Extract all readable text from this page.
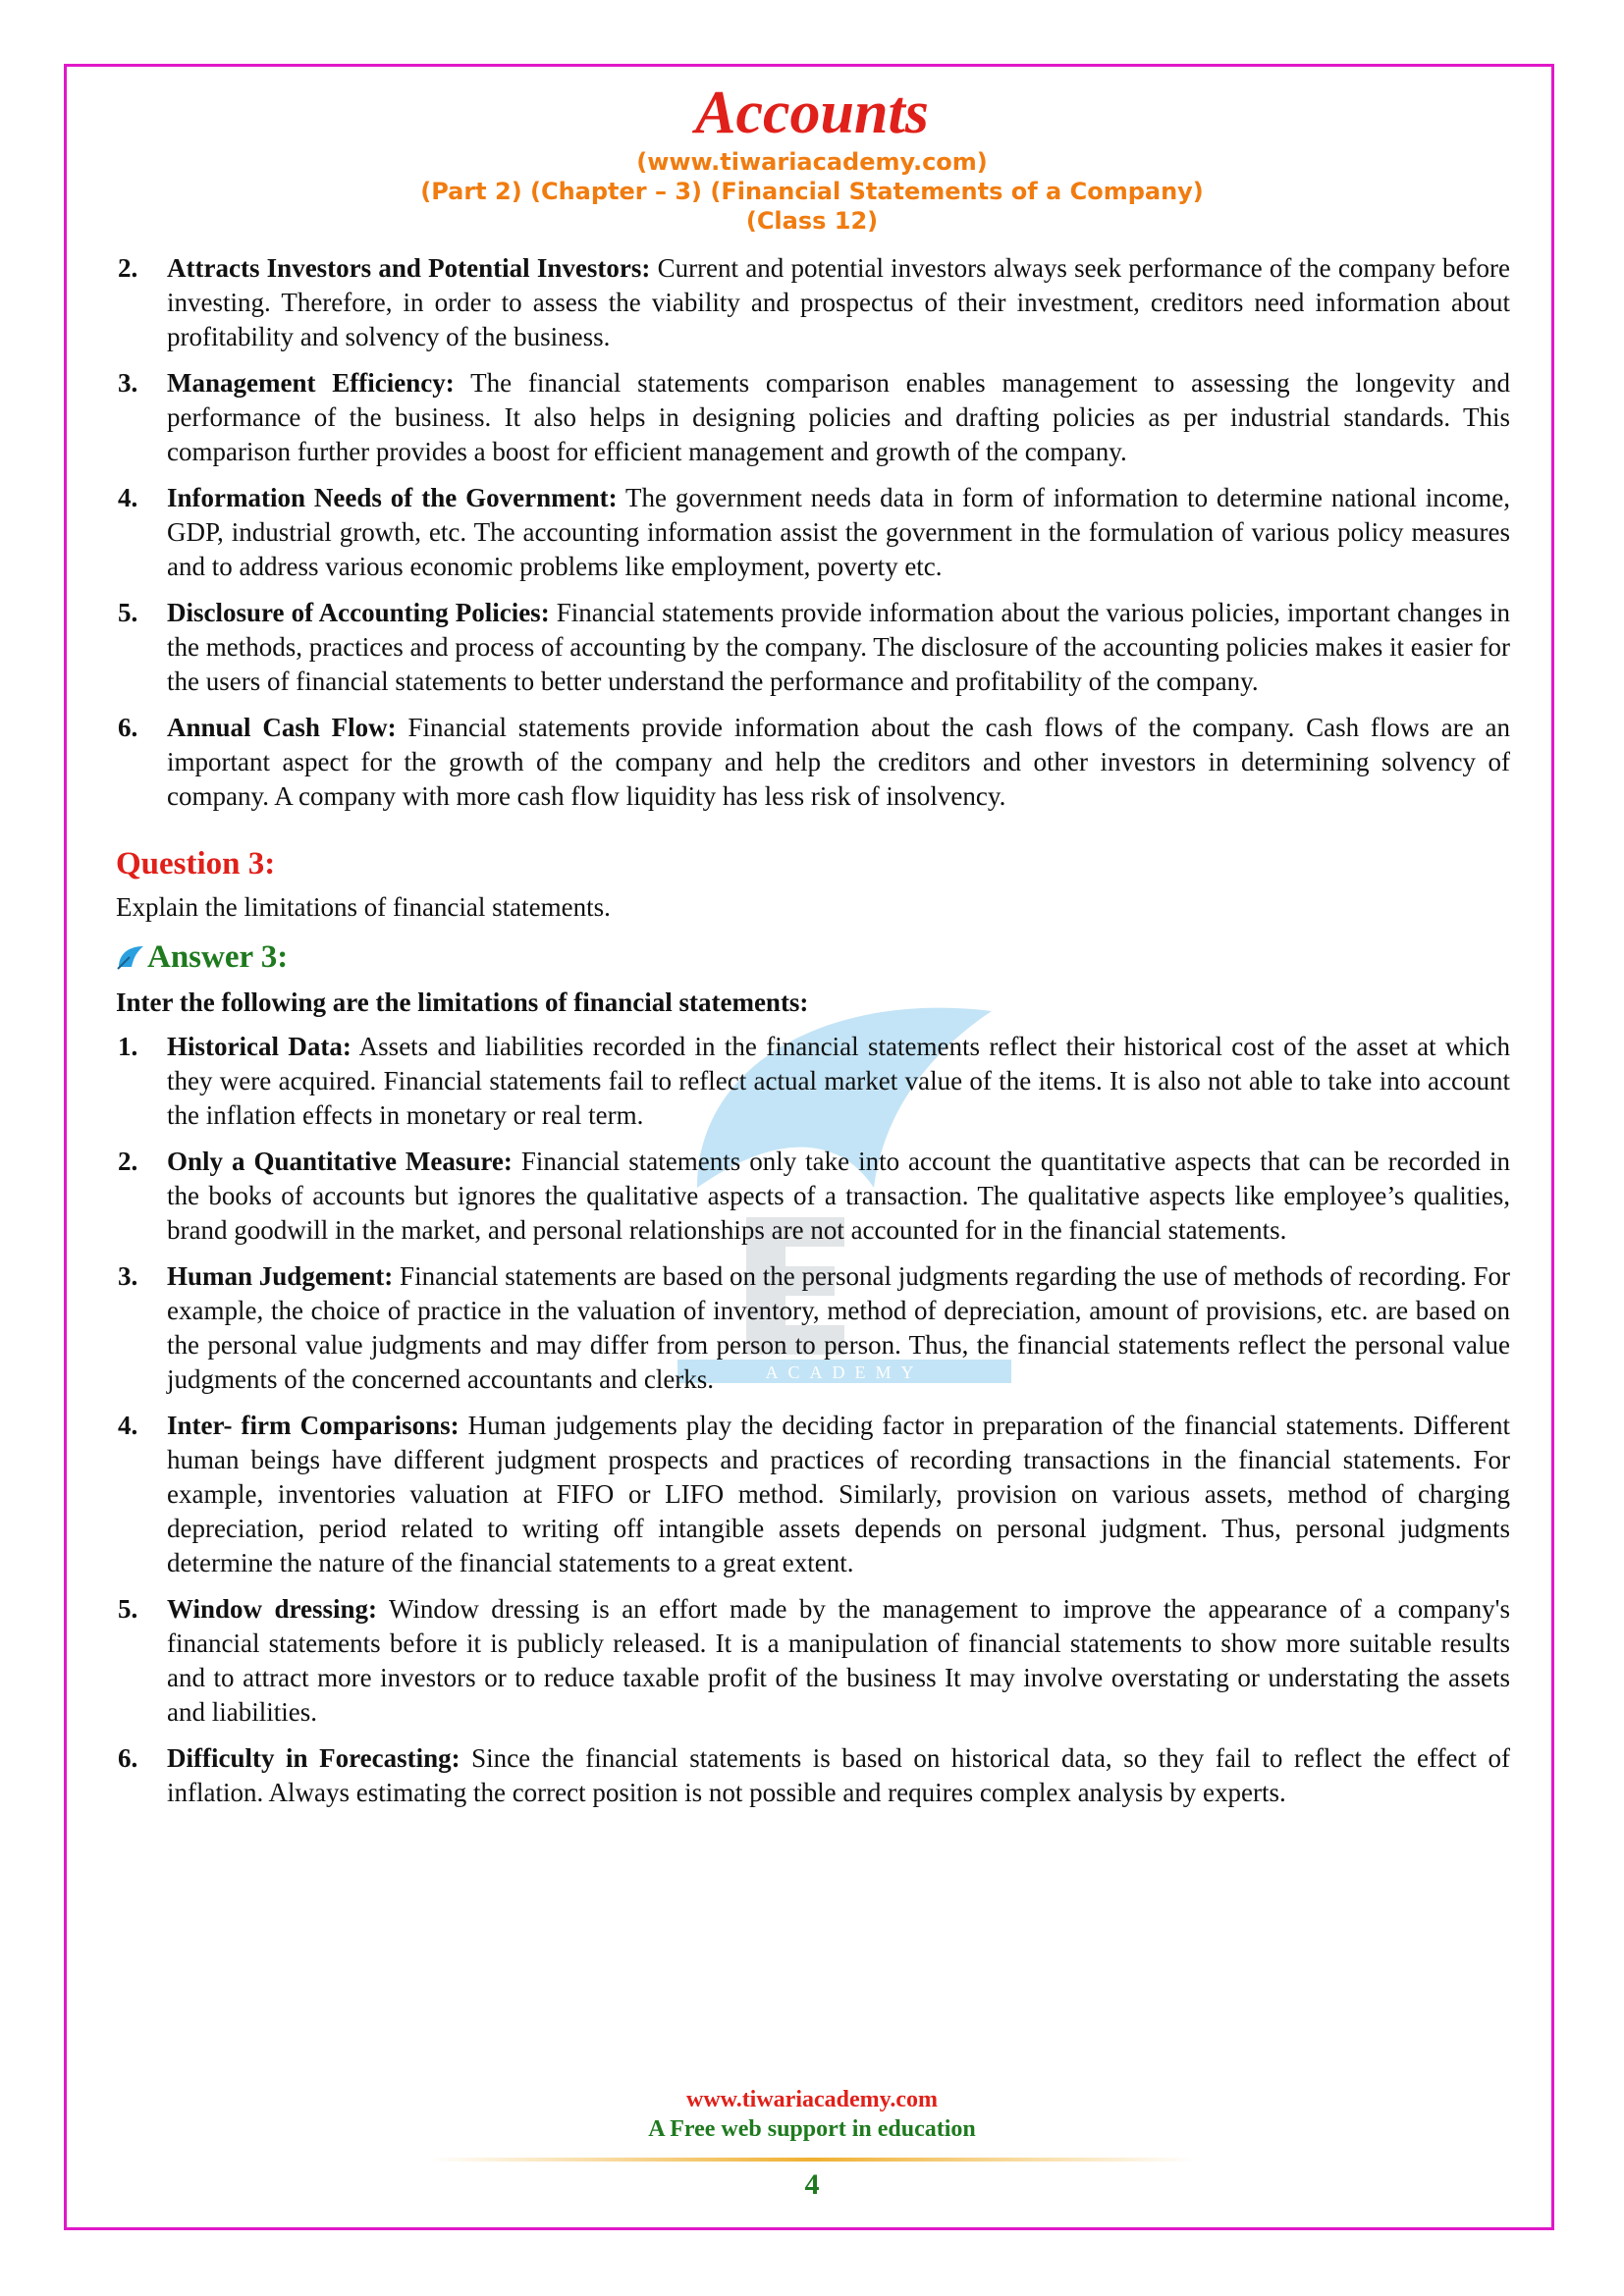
ACADEMY
Accounts
(www.tiwariacademy.com)
(Part 2) (Chapter – 3) (Financial Statements of a Company)
(Class 12)
2. Attracts Investors and Potential Investors: Current and potential investors always seek performance of the company before investing. Therefore, in order to assess the viability and prospectus of their investment, creditors need information about profitability and solvency of the business.
3. Management Efficiency: The financial statements comparison enables management to assessing the longevity and performance of the business. It also helps in designing policies and drafting policies as per industrial standards. This comparison further provides a boost for efficient management and growth of the company.
4. Information Needs of the Government: The government needs data in form of information to determine national income, GDP, industrial growth, etc. The accounting information assist the government in the formulation of various policy measures and to address various economic problems like employment, poverty etc.
5. Disclosure of Accounting Policies: Financial statements provide information about the various policies, important changes in the methods, practices and process of accounting by the company. The disclosure of the accounting policies makes it easier for the users of financial statements to better understand the performance and profitability of the company.
6. Annual Cash Flow: Financial statements provide information about the cash flows of the company. Cash flows are an important aspect for the growth of the company and help the creditors and other investors in determining solvency of company. A company with more cash flow liquidity has less risk of insolvency.
Question 3:
Explain the limitations of financial statements.
Answer 3:
Inter the following are the limitations of financial statements:
1. Historical Data: Assets and liabilities recorded in the financial statements reflect their historical cost of the asset at which they were acquired. Financial statements fail to reflect actual market value of the items. It is also not able to take into account the inflation effects in monetary or real term.
2. Only a Quantitative Measure: Financial statements only take into account the quantitative aspects that can be recorded in the books of accounts but ignores the qualitative aspects of a transaction. The qualitative aspects like employee’s qualities, brand goodwill in the market, and personal relationships are not accounted for in the financial statements.
3. Human Judgement: Financial statements are based on the personal judgments regarding the use of methods of recording. For example, the choice of practice in the valuation of inventory, method of depreciation, amount of provisions, etc. are based on the personal value judgments and may differ from person to person. Thus, the financial statements reflect the personal value judgments of the concerned accountants and clerks.
4. Inter- firm Comparisons: Human judgements play the deciding factor in preparation of the financial statements. Different human beings have different judgment prospects and practices of recording transactions in the financial statements. For example, inventories valuation at FIFO or LIFO method. Similarly, provision on various assets, method of charging depreciation, period related to writing off intangible assets depends on personal judgment. Thus, personal judgments determine the nature of the financial statements to a great extent.
5. Window dressing: Window dressing is an effort made by the management to improve the appearance of a company's financial statements before it is publicly released. It is a manipulation of financial statements to show more suitable results and to attract more investors or to reduce taxable profit of the business It may involve overstating or understating the assets and liabilities.
6. Difficulty in Forecasting: Since the financial statements is based on historical data, so they fail to reflect the effect of inflation. Always estimating the correct position is not possible and requires complex analysis by experts.
www.tiwariacademy.com
A Free web support in education
4
